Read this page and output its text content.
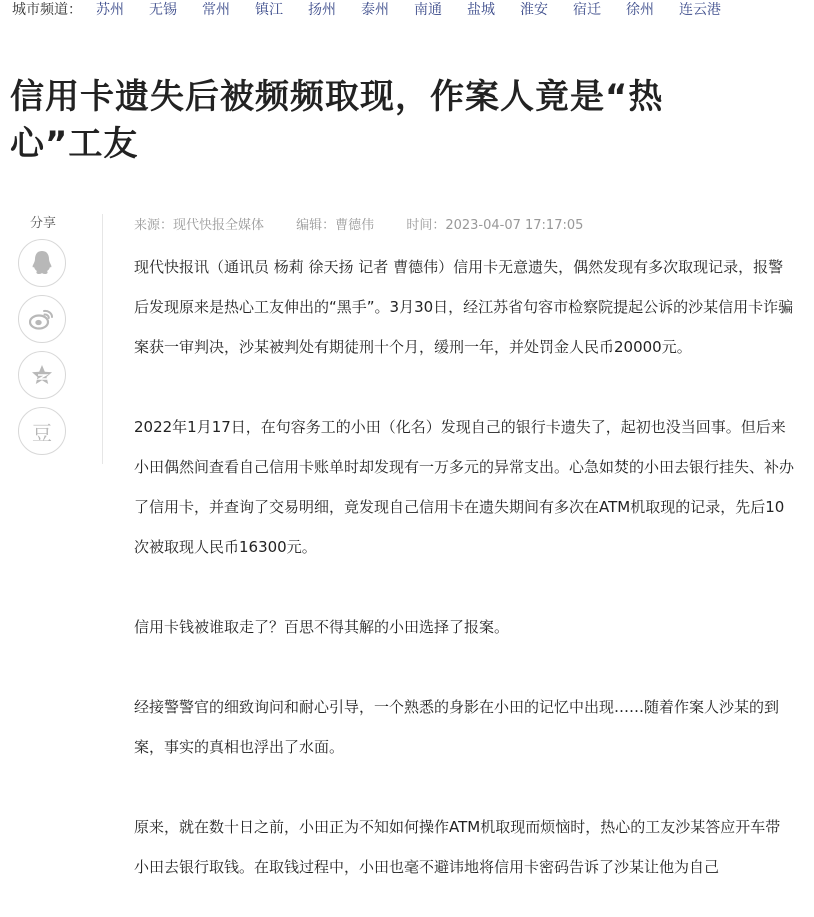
城市频道： 苏州 无锡 常州 镇江 扬州 泰州 南通 盐城 淮安 宿迁 徐州 连云港
信用卡遗失后被频频取现，作案人竟是“热心”工友
分享
豆
来源：现代快报全媒体 编辑：曹德伟 时间：2023-04-07 17:17:05

现代快报讯（通讯员 杨莉 徐天扬 记者 曹德伟）信用卡无意遗失，偶然发现有多次取现记录，报警后发现原来是热心工友伸出的“黑手”。3月30日，经江苏省句容市检察院提起公诉的沙某信用卡诈骗案获一审判决，沙某被判处有期徒刑十个月，缓刑一年，并处罚金人民币20000元。

2022年1月17日，在句容务工的小田（化名）发现自己的银行卡遗失了，起初也没当回事。但后来小田偶然间查看自己信用卡账单时却发现有一万多元的异常支出。心急如焚的小田去银行挂失、补办了信用卡，并查询了交易明细，竟发现自己信用卡在遗失期间有多次在ATM机取现的记录，先后10次被取现人民币16300元。

信用卡钱被谁取走了？百思不得其解的小田选择了报案。

经接警警官的细致询问和耐心引导，一个熟悉的身影在小田的记忆中出现……随着作案人沙某的到案，事实的真相也浮出了水面。

原来，就在数十日之前，小田正为不知如何操作ATM机取现而烦恼时，热心的工友沙某答应开车带小田去银行取钱。在取钱过程中，小田也毫不避讳地将信用卡密码告诉了沙某让他为自己
